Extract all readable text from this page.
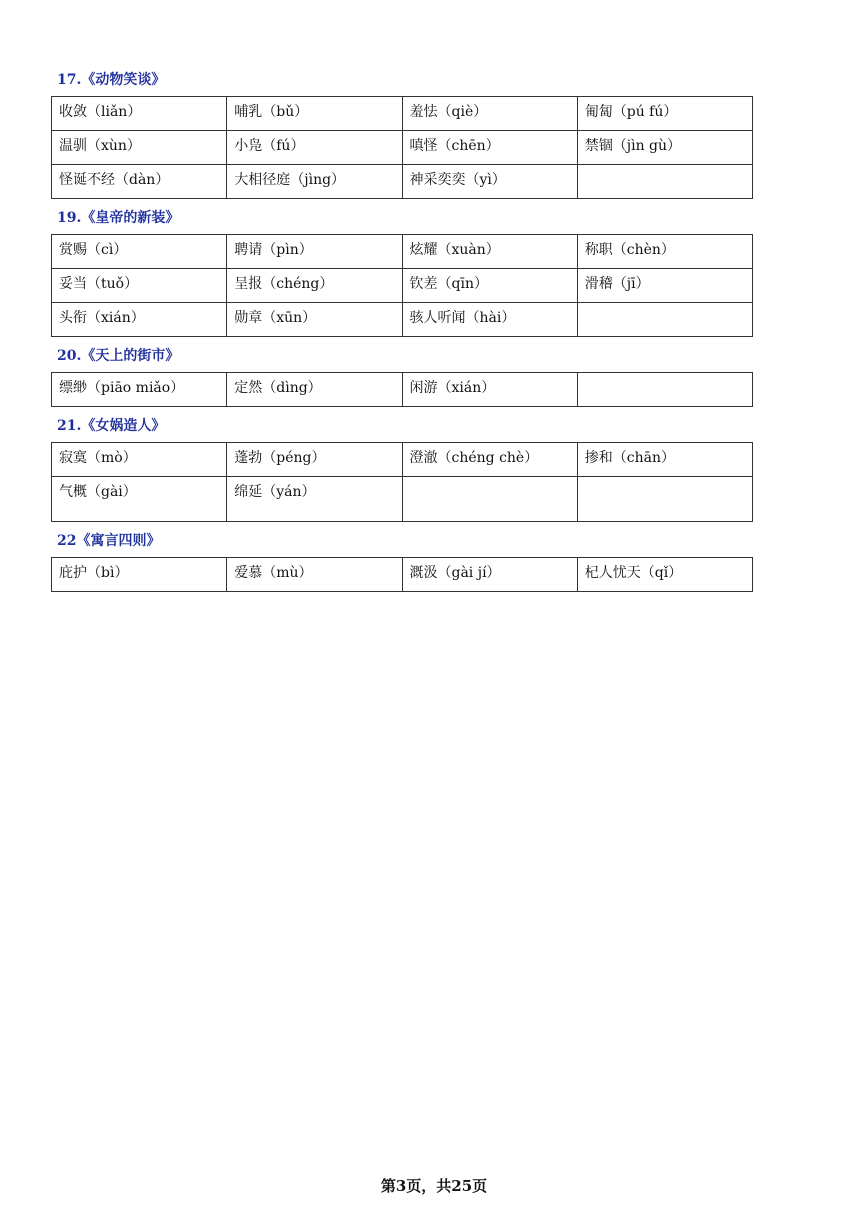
17.《动物笑谈》
收敛（liǎn）	哺乳（bǔ）	羞怯（qiè）	匍匐（pú fú）
温驯（xùn）	小凫（fú）	嗔怪（chēn）	禁锢（jìn gù）
怪诞不经（dàn）	大相径庭（jìng）	神采奕奕（yì）	
19.《皇帝的新装》
赏赐（cì）	聘请（pìn）	炫耀（xuàn）	称职（chèn）
妥当（tuǒ）	呈报（chéng）	钦差（qīn）	滑稽（jī）
头衔（xián）	勋章（xūn）	骇人听闻（hài）	
20.《天上的街市》
缥缈（piāo miǎo）	定然（dìng）	闲游（xián）	
21.《女娲造人》
寂寞（mò）	蓬勃（péng）	澄澈（chéng chè）	掺和（chān）
气概（gài）	绵延（yán）		
22《寓言四则》
庇护（bì）	爱慕（mù）	溉汲（gài jí）	杞人忧天（qǐ）
第3页，共25页
